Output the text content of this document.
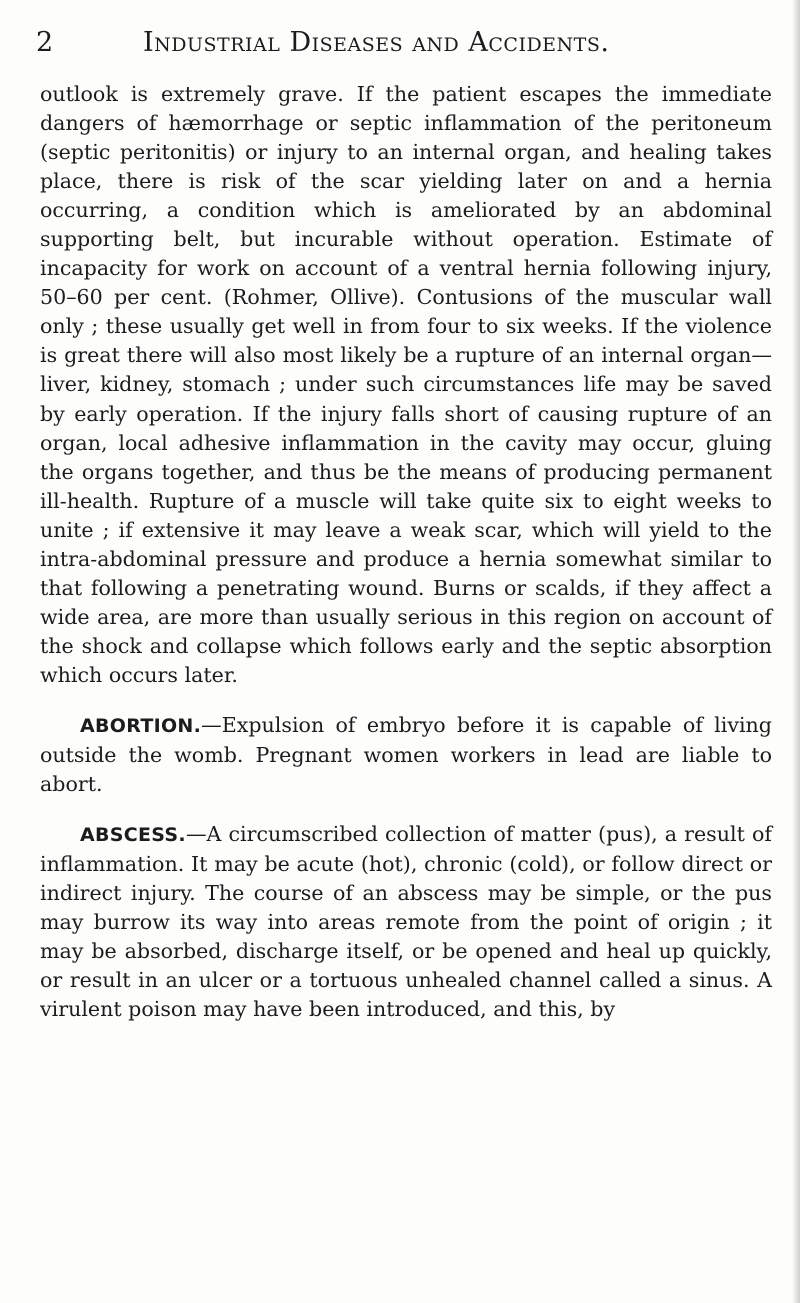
2	Industrial Diseases and Accidents.

outlook is extremely grave. If the patient escapes the immediate dangers of hæmorrhage or septic inflammation of the peritoneum (septic peritonitis) or injury to an internal organ, and healing takes place, there is risk of the scar yielding later on and a hernia occurring, a condition which is ameliorated by an abdominal supporting belt, but incurable without operation. Estimate of incapacity for work on account of a ventral hernia following injury, 50–60 per cent. (Rohmer, Ollive). Contusions of the muscular wall only ; these usually get well in from four to six weeks. If the violence is great there will also most likely be a rupture of an internal organ—liver, kidney, stomach ; under such circumstances life may be saved by early operation. If the injury falls short of causing rupture of an organ, local adhesive inflammation in the cavity may occur, gluing the organs together, and thus be the means of producing permanent ill-health. Rupture of a muscle will take quite six to eight weeks to unite ; if extensive it may leave a weak scar, which will yield to the intra-abdominal pressure and produce a hernia somewhat similar to that following a penetrating wound. Burns or scalds, if they affect a wide area, are more than usually serious in this region on account of the shock and collapse which follows early and the septic absorption which occurs later.

ABORTION.—Expulsion of embryo before it is capable of living outside the womb. Pregnant women workers in lead are liable to abort.

ABSCESS.—A circumscribed collection of matter (pus), a result of inflammation. It may be acute (hot), chronic (cold), or follow direct or indirect injury. The course of an abscess may be simple, or the pus may burrow its way into areas remote from the point of origin ; it may be absorbed, discharge itself, or be opened and heal up quickly, or result in an ulcer or a tortuous unhealed channel called a sinus. A virulent poison may have been introduced, and this, by
